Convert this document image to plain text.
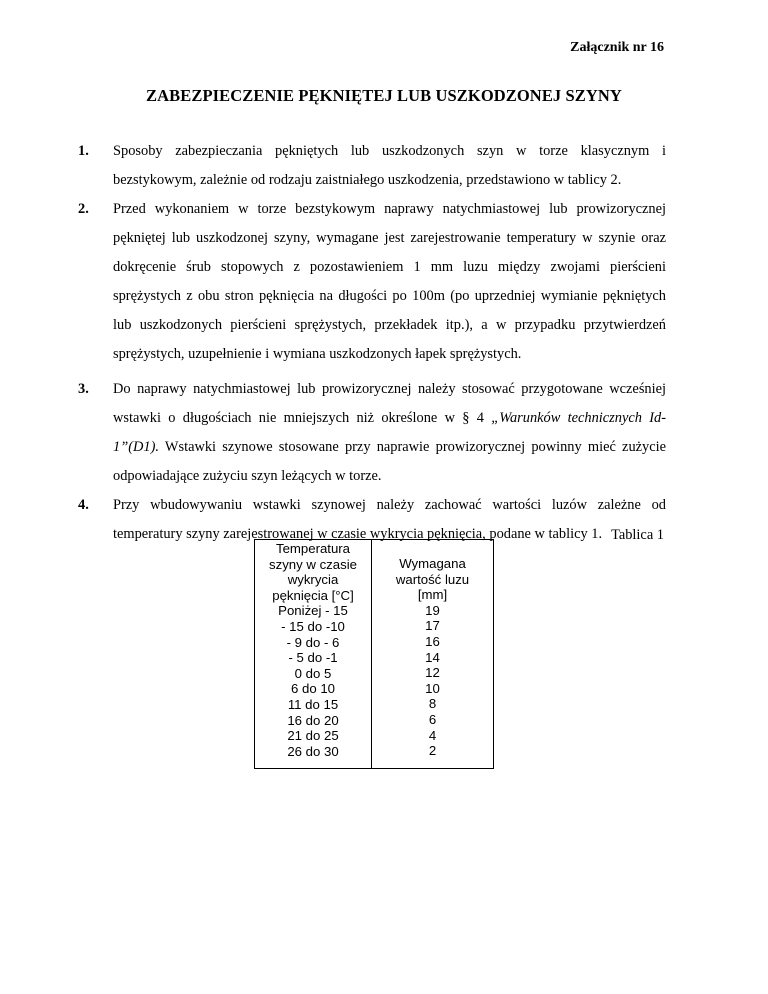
Załącznik nr 16
ZABEZPIECZENIE PĘKNIĘTEJ LUB USZKODZONEJ SZYNY
1. Sposoby zabezpieczania pękniętych lub uszkodzonych szyn w torze klasycznym i bezstykowym, zależnie od rodzaju zaistniałego uszkodzenia, przedstawiono w tablicy 2.
2. Przed wykonaniem w torze bezstykowym naprawy natychmiastowej lub prowizorycznej pękniętej lub uszkodzonej szyny, wymagane jest zarejestrowanie temperatury w szynie oraz dokręcenie śrub stopowych z pozostawieniem 1 mm luzu między zwojami pierścieni sprężystych z obu stron pęknięcia na długości po 100m (po uprzedniej wymianie pękniętych lub uszkodzonych pierścieni sprężystych, przekładek itp.), a w przypadku przytwierdzeń sprężystych, uzupełnienie i wymiana uszkodzonych łapek sprężystych.
3. Do naprawy natychmiastowej lub prowizorycznej należy stosować przygotowane wcześniej wstawki o długościach nie mniejszych niż określone w § 4 „Warunków technicznych Id-1”(D1). Wstawki szynowe stosowane przy naprawie prowizorycznej powinny mieć zużycie odpowiadające zużyciu szyn leżących w torze.
4. Przy wbudowywaniu wstawki szynowej należy zachować wartości luzów zależne od temperatury szyny zarejestrowanej w czasie wykrycia pęknięcia, podane w tablicy 1. Tablica 1
Temperatura
szyny w czasie
wykrycia
pęknięcia [°C]
Poniżej - 15
- 15 do -10
- 9 do - 6
- 5 do -1
0 do 5
6 do 10
11 do 15
16 do 20
21 do 25
26 do 30
Wymagana
wartość luzu
[mm]
19
17
16
14
12
10
8
6
4
2
